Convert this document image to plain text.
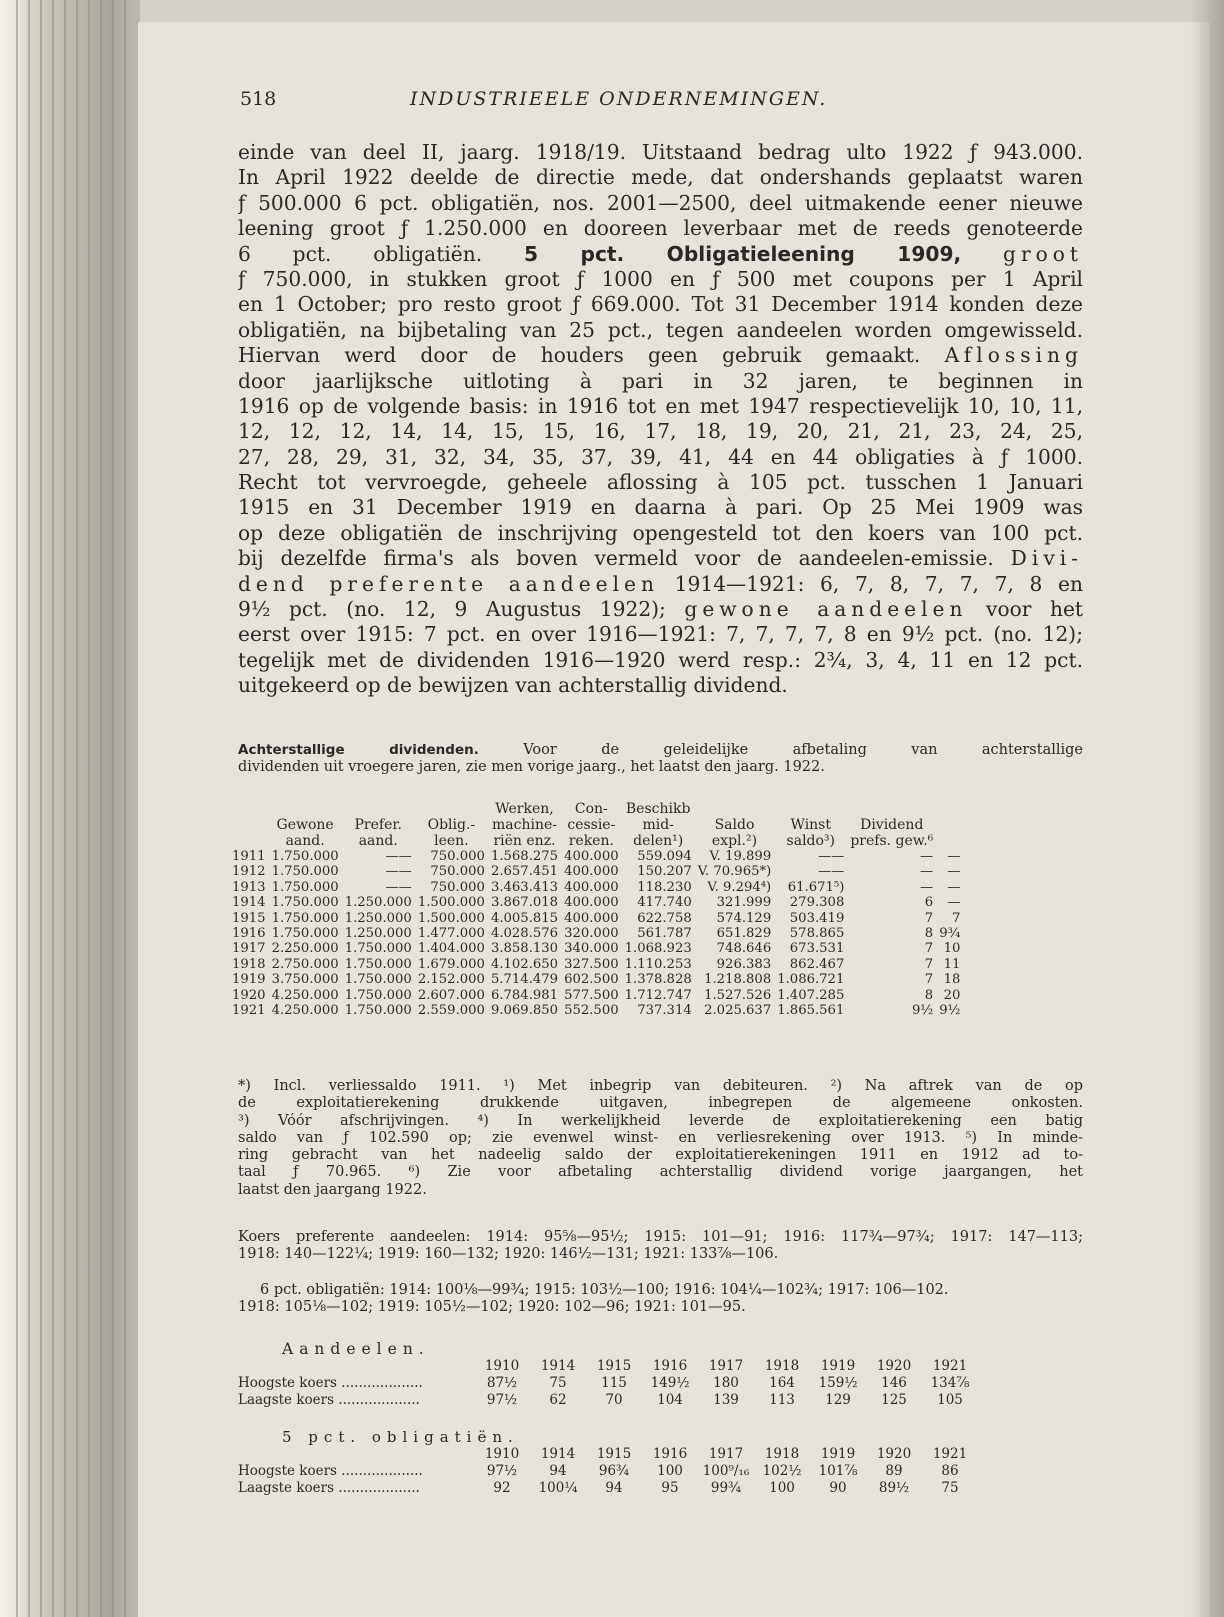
518	INDUSTRIEELE ONDERNEMINGEN.
einde van deel II, jaarg. 1918/19. Uitstaand bedrag ulto 1922 ƒ 943.000.
In April 1922 deelde de directie mede, dat ondershands geplaatst waren
ƒ 500.000 6 pct. obligatiën, nos. 2001—2500, deel uitmakende eener nieuwe
leening groot ƒ 1.250.000 en dooreen leverbaar met de reeds genoteerde
6 pct. obligatiën. 5 pct. Obligatieleening 1909, groot
ƒ 750.000, in stukken groot ƒ 1000 en ƒ 500 met coupons per 1 April
en 1 October; pro resto groot ƒ 669.000. Tot 31 December 1914 konden deze
obligatiën, na bijbetaling van 25 pct., tegen aandeelen worden omgewisseld.
Hiervan werd door de houders geen gebruik gemaakt. Aflossing
door jaarlijksche uitloting à pari in 32 jaren, te beginnen in
1916 op de volgende basis: in 1916 tot en met 1947 respectievelijk 10, 10, 11,
12, 12, 12, 14, 14, 15, 15, 16, 17, 18, 19, 20, 21, 21, 23, 24, 25,
27, 28, 29, 31, 32, 34, 35, 37, 39, 41, 44 en 44 obligaties à ƒ 1000.
Recht tot vervroegde, geheele aflossing à 105 pct. tusschen 1 Januari
1915 en 31 December 1919 en daarna à pari. Op 25 Mei 1909 was
op deze obligatiën de inschrijving opengesteld tot den koers van 100 pct.
bij dezelfde firma's als boven vermeld voor de aandeelen-emissie. Divi-
dend preferente aandeelen 1914—1921: 6, 7, 8, 7, 7, 7, 8 en
9½ pct. (no. 12, 9 Augustus 1922); gewone aandeelen voor het
eerst over 1915: 7 pct. en over 1916—1921: 7, 7, 7, 7, 8 en 9½ pct. (no. 12);
tegelijk met de dividenden 1916—1920 werd resp.: 2¾, 3, 4, 11 en 12 pct.
uitgekeerd op de bewijzen van achterstallig dividend.
Achterstallige dividenden.	Voor de geleidelijke afbetaling van achterstallige
dividenden uit vroegere jaren, zie men vorige jaarg., het laatst den jaarg. 1922.
				Werken,	Con-	Beschikb				
	Gewone	Prefer.	Oblig.-	machine-	cessie-	mid-	Saldo	Winst	Dividend	
	aand.	aand.	leen.	riën enz.	reken.	delen¹)	expl.²)	saldo³)	prefs. gew.⁶	
1911	1.750.000	——	750.000	1.568.275	400.000	559.094	V. 19.899	——	—	—
1912	1.750.000	——	750.000	2.657.451	400.000	150.207	V. 70.965*)	——	—	—
1913	1.750.000	——	750.000	3.463.413	400.000	118.230	V. 9.294⁴)	61.671⁵)	—	—
1914	1.750.000	1.250.000	1.500.000	3.867.018	400.000	417.740	321.999	279.308	6	—
1915	1.750.000	1.250.000	1.500.000	4.005.815	400.000	622.758	574.129	503.419	7	7
1916	1.750.000	1.250.000	1.477.000	4.028.576	320.000	561.787	651.829	578.865	8	9¾
1917	2.250.000	1.750.000	1.404.000	3.858.130	340.000	1.068.923	748.646	673.531	7	10
1918	2.750.000	1.750.000	1.679.000	4.102.650	327.500	1.110.253	926.383	862.467	7	11
1919	3.750.000	1.750.000	2.152.000	5.714.479	602.500	1.378.828	1.218.808	1.086.721	7	18
1920	4.250.000	1.750.000	2.607.000	6.784.981	577.500	1.712.747	1.527.526	1.407.285	8	20
1921	4.250.000	1.750.000	2.559.000	9.069.850	552.500	737.314	2.025.637	1.865.561	9½	9½
*) Incl. verliessaldo 1911. ¹) Met inbegrip van debiteuren. ²) Na aftrek van de op
de exploitatierekening drukkende uitgaven, inbegrepen de algemeene onkosten.
³) Vóór afschrijvingen. ⁴) In werkelijkheid leverde de exploitatierekening een batig
saldo van ƒ 102.590 op; zie evenwel winst- en verliesrekening over 1913. ⁵) In minde-
ring gebracht van het nadeelig saldo der exploitatierekeningen 1911 en 1912 ad to-
taal ƒ 70.965. ⁶) Zie voor afbetaling achterstallig dividend vorige jaargangen, het
laatst den jaargang 1922.
Koers preferente aandeelen: 1914: 95⅝—95½; 1915: 101—91; 1916: 117¾—97¾; 1917: 147—113;
1918: 140—122¼; 1919: 160—132; 1920: 146½—131; 1921: 133⅞—106.
6 pct. obligatiën: 1914: 100⅛—99¾; 1915: 103½—100; 1916: 104¼—102¾; 1917: 106—102.
1918: 105⅛—102; 1919: 105½—102; 1920: 102—96; 1921: 101—95.
Aandeelen.
	1910	1914	1915	1916	1917	1918	1919	1920	1921
Hoogste koers ...................	87½	75	115	149½	180	164	159½	146	134⅞
Laagste koers ...................	97½	62	70	104	139	113	129	125	105
5 pct. obligatiën.
	1910	1914	1915	1916	1917	1918	1919	1920	1921
Hoogste koers ...................	97½	94	96¾	100	100⁹/₁₆	102½	101⅞	89	86
Laagste koers ...................	92	100¼	94	95	99¾	100	90	89½	75
